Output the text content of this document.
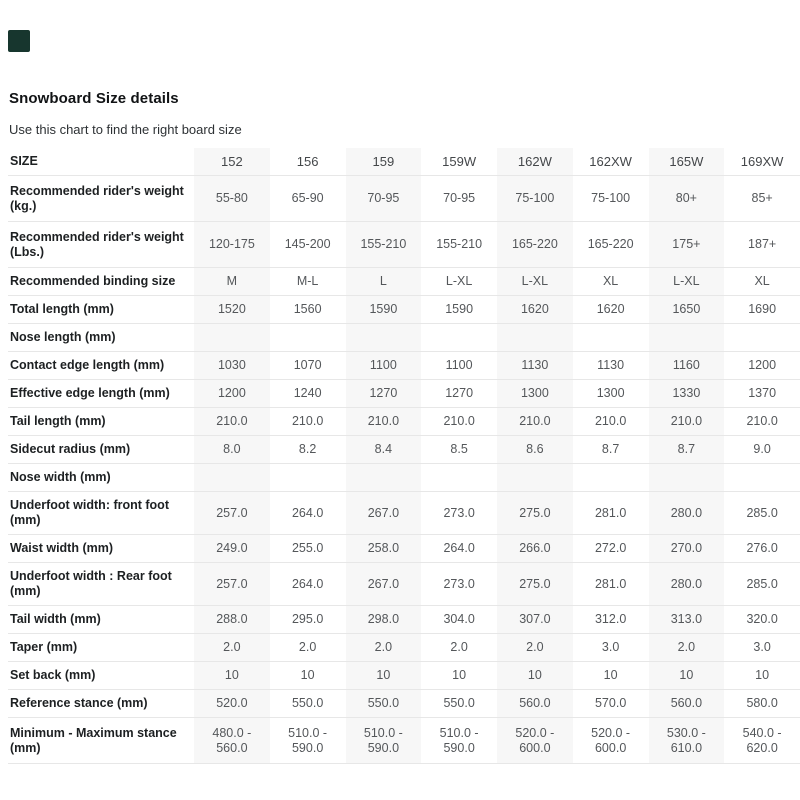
Snowboard Size details
Use this chart to find the right board size
SIZE	152	156	159	159W	162W	162XW	165W	169XW
Recommended rider's weight (kg.)	55-80	65-90	70-95	70-95	75-100	75-100	80+	85+
Recommended rider's weight (Lbs.)	120-175	145-200	155-210	155-210	165-220	165-220	175+	187+
Recommended binding size	M	M-L	L	L-XL	L-XL	XL	L-XL	XL
Total length (mm)	1520	1560	1590	1590	1620	1620	1650	1690
Nose length (mm)								
Contact edge length (mm)	1030	1070	1100	1100	1130	1130	1160	1200
Effective edge length (mm)	1200	1240	1270	1270	1300	1300	1330	1370
Tail length (mm)	210.0	210.0	210.0	210.0	210.0	210.0	210.0	210.0
Sidecut radius (mm)	8.0	8.2	8.4	8.5	8.6	8.7	8.7	9.0
Nose width (mm)								
Underfoot width: front foot (mm)	257.0	264.0	267.0	273.0	275.0	281.0	280.0	285.0
Waist width (mm)	249.0	255.0	258.0	264.0	266.0	272.0	270.0	276.0
Underfoot width : Rear foot (mm)	257.0	264.0	267.0	273.0	275.0	281.0	280.0	285.0
Tail width (mm)	288.0	295.0	298.0	304.0	307.0	312.0	313.0	320.0
Taper (mm)	2.0	2.0	2.0	2.0	2.0	3.0	2.0	3.0
Set back (mm)	10	10	10	10	10	10	10	10
Reference stance (mm)	520.0	550.0	550.0	550.0	560.0	570.0	560.0	580.0
Minimum - Maximum stance (mm)	480.0 - 560.0	510.0 - 590.0	510.0 - 590.0	510.0 - 590.0	520.0 - 600.0	520.0 - 600.0	530.0 - 610.0	540.0 - 620.0
